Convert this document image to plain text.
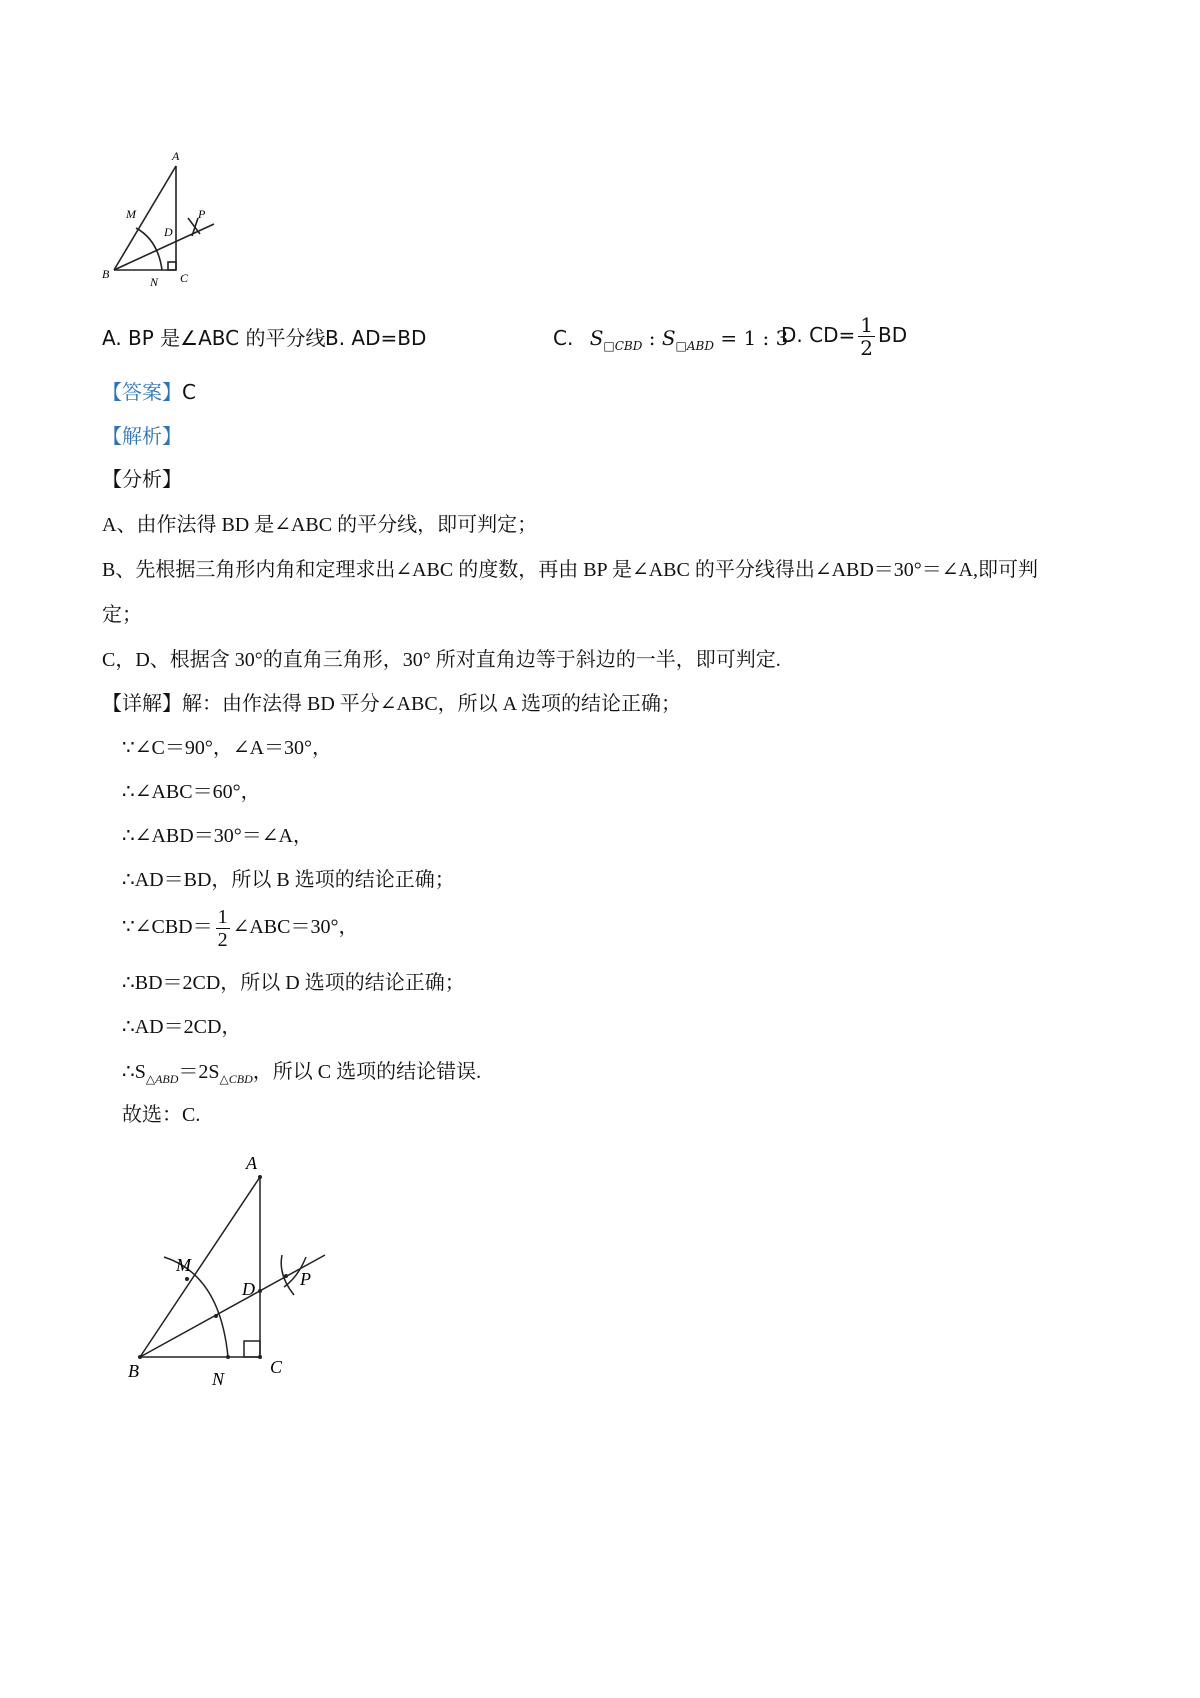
A
M	P
D
B
N C
A. BP 是∠ABC 的平分线 B. AD=BD	C. $S_{□CBD}$ : $S_{□ABD} = 1$ : 3
D. $CD= \frac{1}{2}$ BD
【答案】C
【解析】
【分析】
A、由作法得 BD 是∠ABC 的平分线，即可判定；
B、先根据三角形内角和定理求出∠ABC 的度数，再由 BP 是∠ABC 的平分线得出∠ABD＝30°＝∠A,即可判
定；
C，D、根据含 30°的直角三角形，30° 所对直角边等于斜边的一半，即可判定.
【详解】解：由作法得 BD 平分∠ABC，所以 A 选项的结论正确；
∵∠C＝90°，∠A＝30°，
∴∠ABC＝60°，
∴∠ABD＝30°＝∠A，
∴AD＝BD，所以 B 选项的结论正确；
∵∠CBD＝ $\frac{1}{2}$ ∠ABC＝30°，
∴BD＝2CD，所以 D 选项的结论正确；
∴AD＝2CD，
$\therefore S_{\triangle ABD}=2S_{\triangle CBD}$，所以 C 选项的结论错误.
故选：C.
A
M
P
D
B	N
C
